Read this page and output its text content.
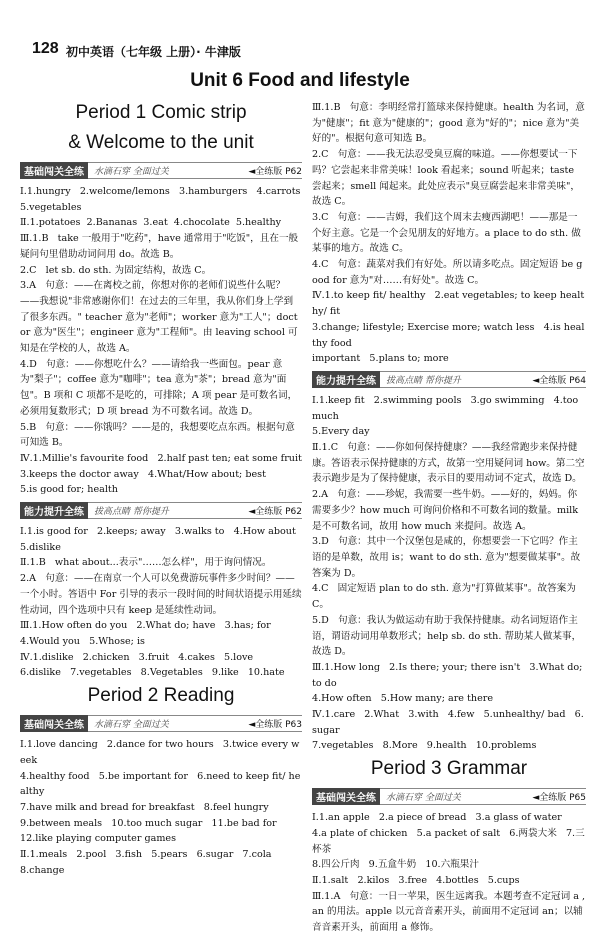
128 初中英语（七年级 上册）· 牛津版
Unit 6 Food and lifestyle

Period 1 Comic strip

& Welcome to the unit

基础闯关全练	水滴石穿 全面过关	◄全练版 P62

Ⅰ.1.hungry   2.welcome/lemons   3.hamburgers   4.carrots
5.vegetables
Ⅱ.1.potatoes  2.Bananas  3.eat  4.chocolate  5.healthy
Ⅲ.1.B   take 一般用于"吃药"，have 通常用于"吃饭"，且在一般疑问句里借助动词问用 do。故选 B。
2.C   let sb. do sth. 为固定结构，故选 C。
3.A   句意：——在离校之前，你想对你的老师们说些什么呢？——我想说"非常感谢你们！在过去的三年里，我从你们身上学到了很多东西。" teacher 意为"老师"；worker 意为"工人"；doctor 意为"医生"；engineer 意为"工程师"。由 leaving school 可知是在学校的人，故选 A。
4.D   句意：——你想吃什么？——请给我一些面包。pear 意为"梨子"；coffee 意为"咖啡"；tea 意为"茶"；bread 意为"面包"。B 项和 C 项都不是吃的，可排除；A 项 pear 是可数名词，必须用复数形式；D 项 bread 为不可数名词。故选 D。
5.B   句意：——你饿吗？——是的，我想要吃点东西。根据句意可知选 B。
Ⅳ.1.Millie's favourite food   2.half past ten; eat some fruit
3.keeps the doctor away   4.What/How about; best
5.is good for; health

能力提升全练	拔高点睛 帮你提升	◄全练版 P62

Ⅰ.1.is good for   2.keeps; away   3.walks to   4.How about
5.dislike
Ⅱ.1.B   what about...表示"……怎么样"，用于询问情况。
2.A   句意：——在南京一个人可以免费游玩事件多少时间？——一个小时。答语中 For 引导的表示一段时间的时间状语提示用延续性动词，四个选项中只有 keep 是延续性动词。
Ⅲ.1.How often do you   2.What do; have   3.has; for
4.Would you   5.Whose; is
Ⅳ.1.dislike   2.chicken   3.fruit   4.cakes   5.love
6.dislike   7.vegetables   8.Vegetables   9.like   10.hate

Period 2 Reading

基础闯关全练	水滴石穿 全面过关	◄全练版 P63

Ⅰ.1.love dancing   2.dance for two hours   3.twice every week
4.healthy food   5.be important for   6.need to keep fit/ healthy
7.have milk and bread for breakfast   8.feel hungry
9.between meals   10.too much sugar   11.be bad for
12.like playing computer games
Ⅱ.1.meals   2.pool   3.fish   5.pears   6.sugar   7.cola
8.change

Ⅲ.1.B   句意：李明经常打篮球来保持健康。health 为名词，意为"健康"；fit 意为"健康的"；good 意为"好的"；nice 意为"美好的"。根据句意可知选 B。
2.C   句意：——我无法忍受臭豆腐的味道。——你想要试一下吗？它尝起来非常美味！look 看起来；sound 听起来；taste 尝起来；smell 闻起来。此处应表示"臭豆腐尝起来非常美味"，故选 C。
3.C   句意：——吉姆，我们这个周末去瘦西湖吧！——那是一个好主意。它是一个会见朋友的好地方。a place to do sth. 做某事的地方。故选 C。
4.C   句意：蔬菜对我们有好处。所以请多吃点。固定短语 be good for 意为"对……有好处"。故选 C。
Ⅳ.1.to keep fit/ healthy   2.eat vegetables; to keep healthy/ fit
3.change; lifestyle; Exercise more; watch less   4.is healthy food
important   5.plans to; more

能力提升全练	拔高点睛 帮你提升	◄全练版 P64

Ⅰ.1.keep fit   2.swimming pools   3.go swimming   4.too much
5.Every day
Ⅱ.1.C   句意：——你如何保持健康？——我经常跑步来保持健康。答语表示保持健康的方式，故第一空用疑问词 how。第二空表示跑步是为了保持健康，表示目的要用动词不定式，故选 D。
2.A   句意：——珍妮，我需要一些牛奶。——好的，妈妈。你需要多少？how much 可询问价格和不可数名词的数量。milk 是不可数名词，故用 how much 来提问。故选 A。
3.D   句意：其中一个汉堡包是咸的，你想要尝一下它吗？作主语的是单数，故用 is；want to do sth. 意为"想要做某事"。故答案为 D。
4.C   固定短语 plan to do sth. 意为"打算做某事"。故答案为 C。
5.D   句意：我认为做运动有助于我保持健康。动名词短语作主语，谓语动词用单数形式；help sb. do sth. 帮助某人做某事，故选 D。
Ⅲ.1.How long   2.Is there; your; there isn't   3.What do; to do
4.How often   5.How many; are there
Ⅳ.1.care   2.What   3.with   4.few   5.unhealthy/ bad   6.sugar
7.vegetables   8.More   9.health   10.problems

Period 3 Grammar

基础闯关全练	水滴石穿 全面过关	◄全练版 P65

Ⅰ.1.an apple   2.a piece of bread   3.a glass of water
4.a plate of chicken   5.a packet of salt   6.两袋大米   7.三杯茶
8.四公斤肉   9.五盒牛奶   10.六瓶果汁
Ⅱ.1.salt   2.kilos   3.free   4.bottles   5.cups
Ⅲ.1.A   句意：一日一苹果，医生远离我。本题考查不定冠词 a ,an 的用法。apple 以元音音素开头，前面用不定冠词 an；以辅音音素开头，前面用 a 修饰。
